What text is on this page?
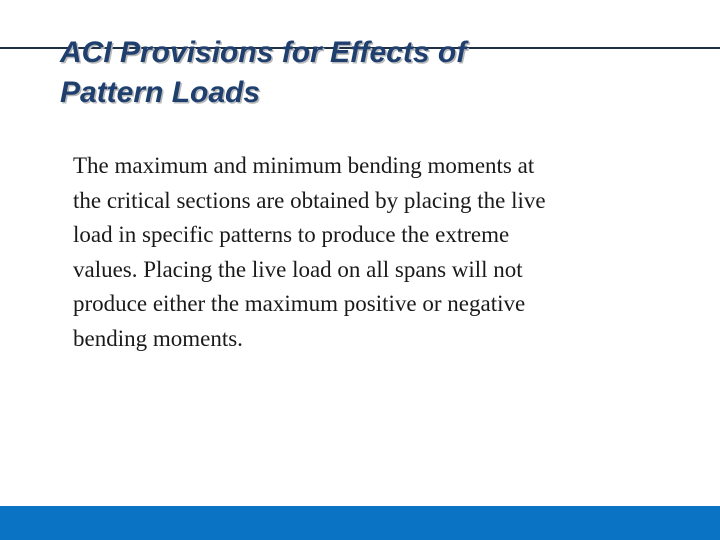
ACI Provisions for Effects of
Pattern Loads

The maximum and minimum bending moments at
the critical sections are obtained by placing the live
load in specific patterns to produce the extreme
values. Placing the live load on all spans will not
produce either the maximum positive or negative
bending moments.
